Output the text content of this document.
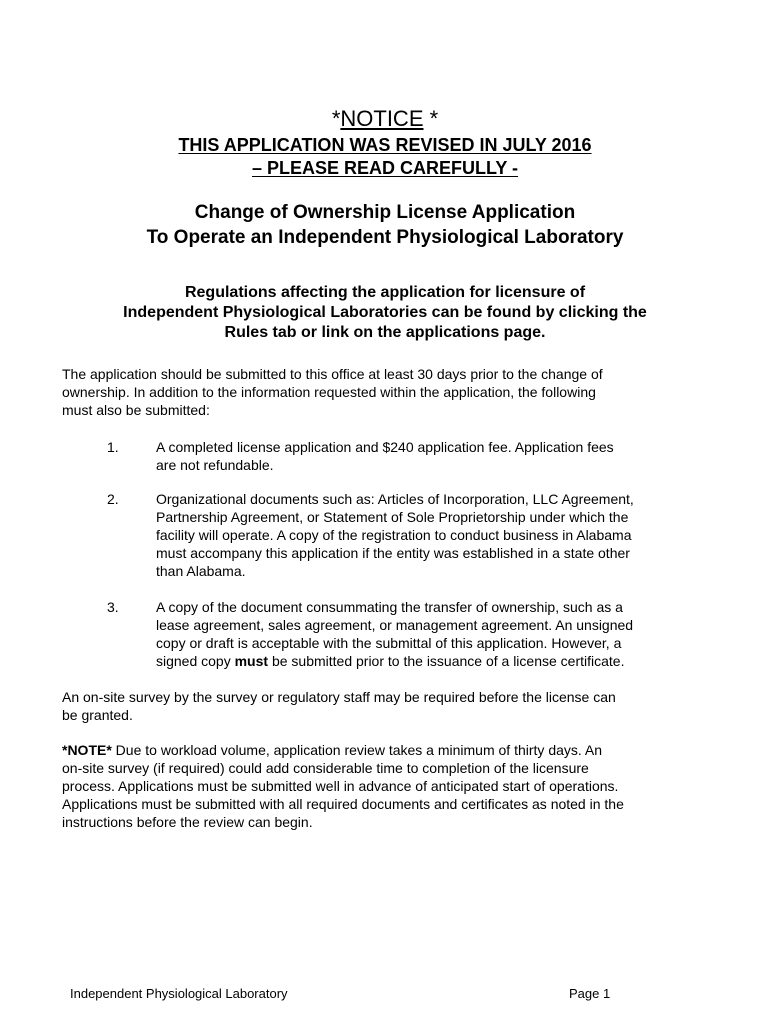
*NOTICE *
THIS APPLICATION WAS REVISED IN JULY 2016
– PLEASE READ CAREFULLY -
Change of Ownership License Application
To Operate an Independent Physiological Laboratory
Regulations affecting the application for licensure of
Independent Physiological Laboratories can be found by clicking the
Rules tab or link on the applications page.
The application should be submitted to this office at least 30 days prior to the change of
ownership. In addition to the information requested within the application, the following
must also be submitted:
1.	A completed license application and $240 application fee. Application fees
are not refundable.
2.	Organizational documents such as: Articles of Incorporation, LLC Agreement,
Partnership Agreement, or Statement of Sole Proprietorship under which the
facility will operate. A copy of the registration to conduct business in Alabama
must accompany this application if the entity was established in a state other
than Alabama.
3.	A copy of the document consummating the transfer of ownership, such as a
lease agreement, sales agreement, or management agreement. An unsigned
copy or draft is acceptable with the submittal of this application. However, a
signed copy must be submitted prior to the issuance of a license certificate.
An on-site survey by the survey or regulatory staff may be required before the license can
be granted.
*NOTE* Due to workload volume, application review takes a minimum of thirty days. An
on-site survey (if required) could add considerable time to completion of the licensure
process. Applications must be submitted well in advance of anticipated start of operations.
Applications must be submitted with all required documents and certificates as noted in the
instructions before the review can begin.
Independent Physiological Laboratory	Page 1
